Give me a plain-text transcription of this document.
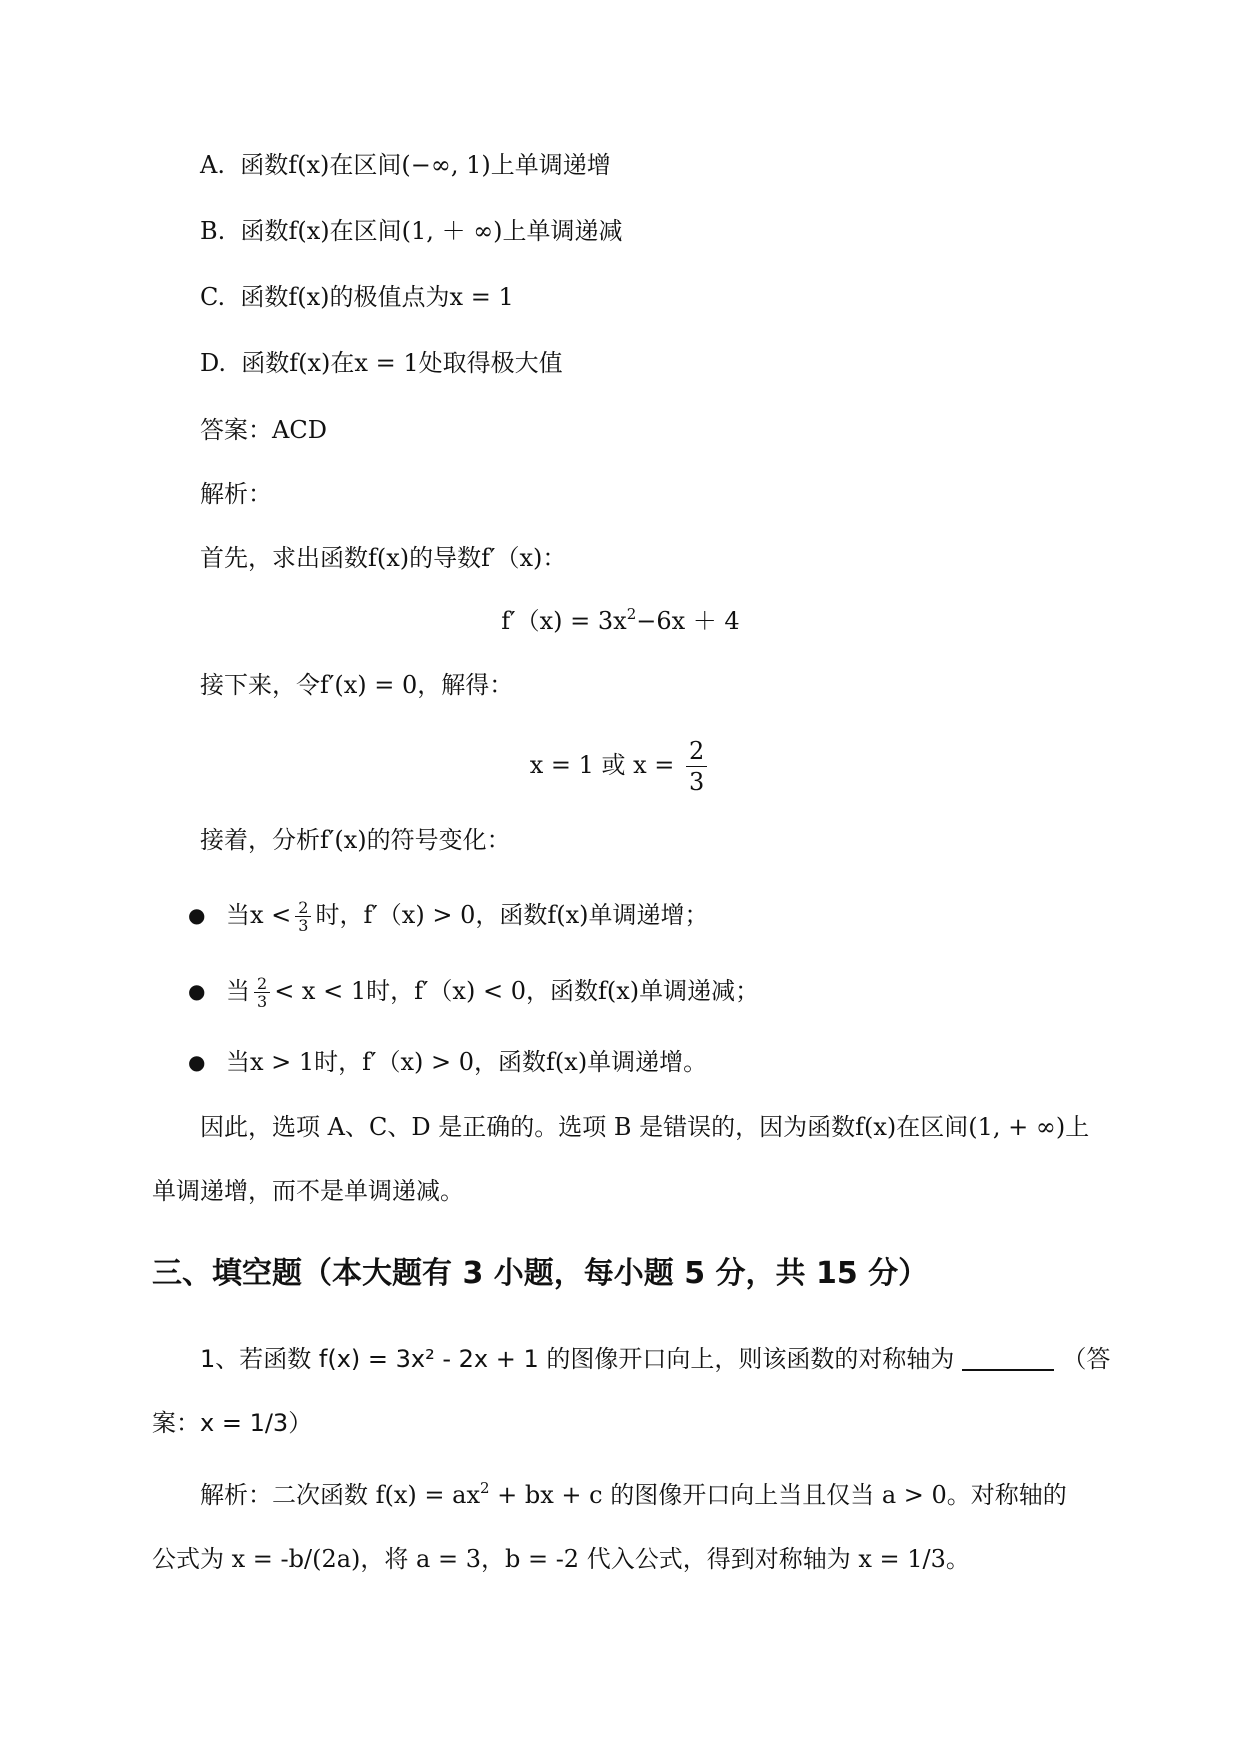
A. 函数f(x)在区间(−∞, 1)上单调递增
B. 函数f(x)在区间(1, ＋ ∞)上单调递减
C. 函数f(x)的极值点为x = 1
D. 函数f(x)在x = 1处取得极大值
答案：ACD
解析：
首先，求出函数f(x)的导数f′（x)：
$f'(x) = 3x^2-6x + 4$
接下来，令f′(x) = 0，解得：
x = 1 或 $x = \frac{2}{3}$
接着，分析f′(x)的符号变化：
● 当$x < \frac{2}{3}$ 时，f′（x) > 0，函数f(x)单调递增；
● 当 $\frac{2}{3} < x < 1$时，f′（x) < 0，函数f(x)单调递减；
● 当x > 1时，f′（x) > 0，函数f(x)单调递增。
因此，选项 A、C、D 是正确的。选项 B 是错误的，因为函数f(x)在区间(1, + ∞)上
单调递增，而不是单调递减。
三、填空题（本大题有 3 小题，每小题 5 分，共 15 分）
1、若函数 f(x) = 3x² - 2x + 1 的图像开口向上，则该函数的对称轴为	（答
案：x = 1/3）
解析：二次函数 $f(x) = ax^2$ + bx + c 的图像开口向上当且仅当 a > 0。对称轴的
公式为 x = -b/(2a)，将 a = 3，b = -2 代入公式，得到对称轴为 x = 1/3。
